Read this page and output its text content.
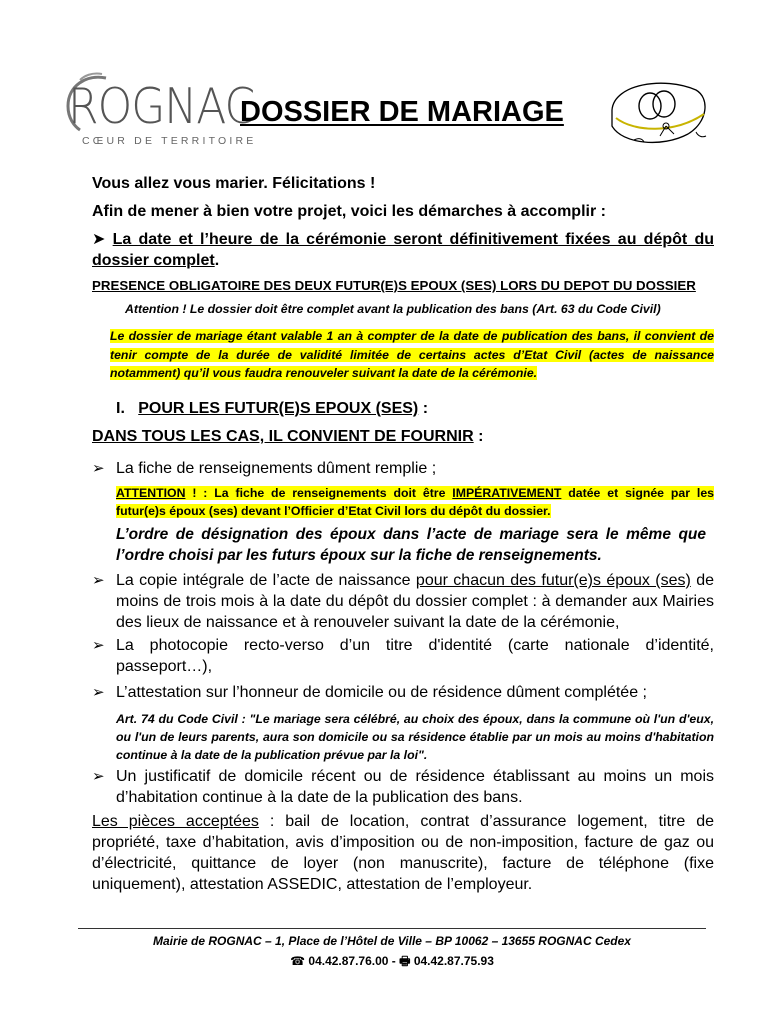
ROGNAC
CŒUR DE TERRITOIRE
DOSSIER DE MARIAGE
Vous allez vous marier. Félicitations !
Afin de mener à bien votre projet, voici les démarches à accomplir :
➤ La date et l’heure de la cérémonie seront définitivement fixées au dépôt du dossier complet.
PRESENCE OBLIGATOIRE DES DEUX FUTUR(E)S EPOUX (SES) LORS DU DEPOT DU DOSSIER
Attention ! Le dossier doit être complet avant la publication des bans (Art. 63 du Code Civil)
Le dossier de mariage étant valable 1 an à compter de la date de publication des bans, il convient de tenir compte de la durée de validité limitée de certains actes d’Etat Civil (actes de naissance notamment) qu’il vous faudra renouveler suivant la date de la cérémonie.
I. POUR LES FUTUR(E)S EPOUX (SES) :
DANS TOUS LES CAS, IL CONVIENT DE FOURNIR :
➢ La fiche de renseignements dûment remplie ;
ATTENTION ! : La fiche de renseignements doit être IMPÉRATIVEMENT datée et signée par les futur(e)s époux (ses) devant l’Officier d’Etat Civil lors du dépôt du dossier.
L’ordre de désignation des époux dans l’acte de mariage sera le même que l’ordre choisi par les futurs époux sur la fiche de renseignements.
➢ La copie intégrale de l’acte de naissance pour chacun des futur(e)s époux (ses) de moins de trois mois à la date du dépôt du dossier complet : à demander aux Mairies des lieux de naissance et à renouveler suivant la date de la cérémonie,
➢ La photocopie recto-verso d’un titre d'identité (carte nationale d’identité, passeport…),
➢ L’attestation sur l’honneur de domicile ou de résidence dûment complétée ;
Art. 74 du Code Civil : "Le mariage sera célébré, au choix des époux, dans la commune où l'un d'eux, ou l'un de leurs parents, aura son domicile ou sa résidence établie par un mois au moins d'habitation continue à la date de la publication prévue par la loi".
➢ Un justificatif de domicile récent ou de résidence établissant au moins un mois d’habitation continue à la date de la publication des bans.
Les pièces acceptées : bail de location, contrat d’assurance logement, titre de propriété, taxe d’habitation, avis d’imposition ou de non-imposition, facture de gaz ou d’électricité, quittance de loyer (non manuscrite), facture de téléphone (fixe uniquement), attestation ASSEDIC, attestation de l’employeur.
Mairie de ROGNAC – 1, Place de l’Hôtel de Ville – BP 10062 – 13655 ROGNAC Cedex
☎ 04.42.87.76.00 - 🖶 04.42.87.75.93
